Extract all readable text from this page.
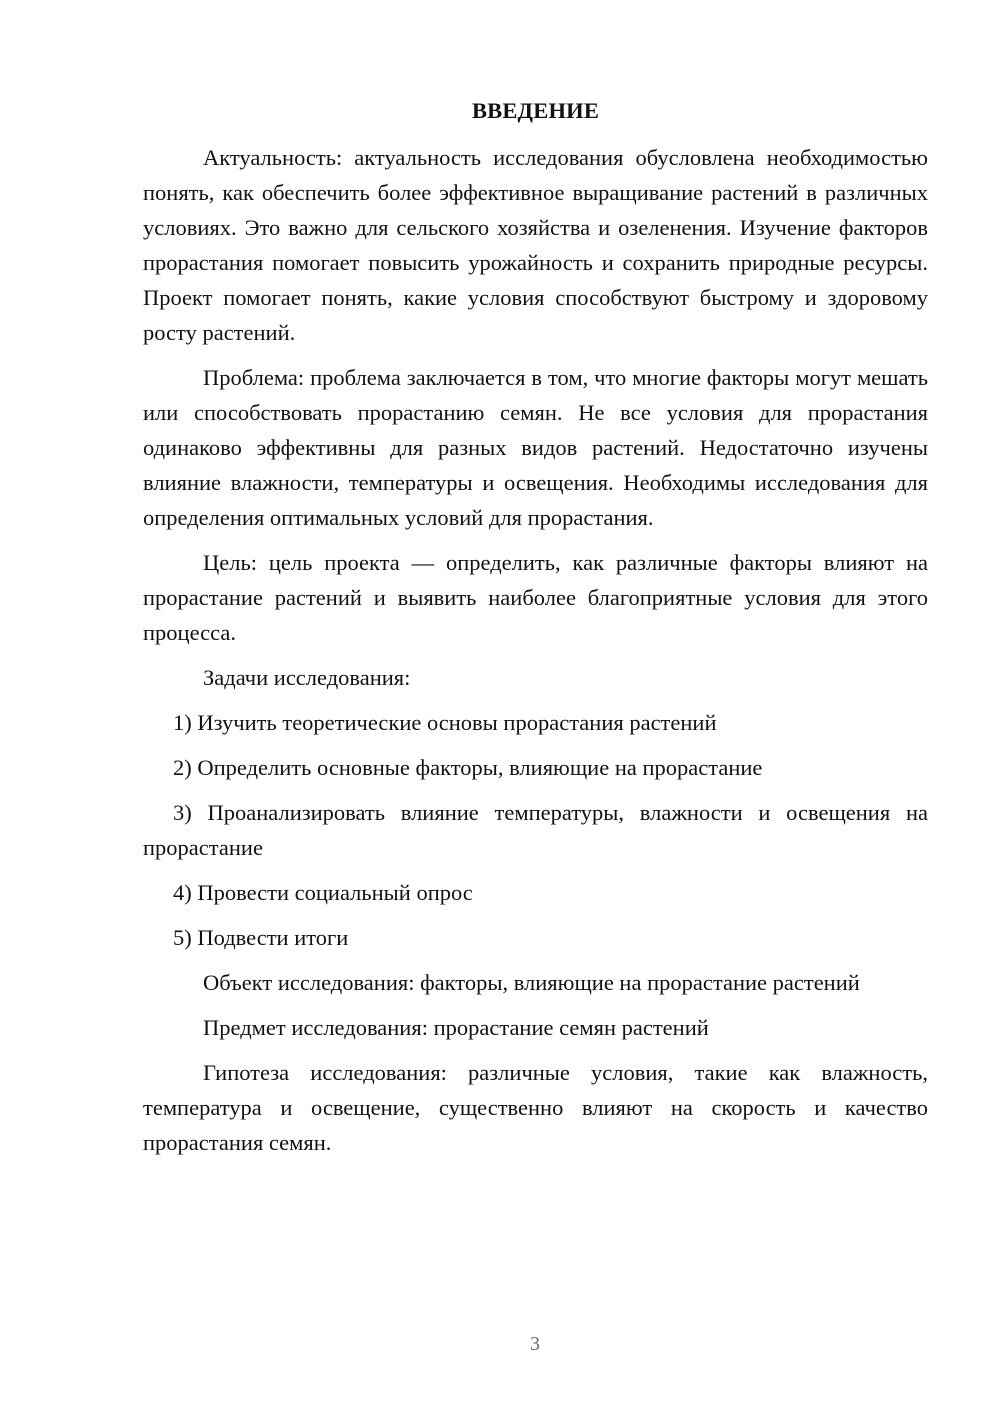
ВВЕДЕНИЕ

Актуальность: актуальность исследования обусловлена необходимостью понять, как обеспечить более эффективное выращивание растений в различных условиях. Это важно для сельского хозяйства и озеленения. Изучение факторов прорастания помогает повысить урожайность и сохранить природные ресурсы. Проект помогает понять, какие условия способствуют быстрому и здоровому росту растений.

Проблема: проблема заключается в том, что многие факторы могут мешать или способствовать прорастанию семян. Не все условия для прорастания одинаково эффективны для разных видов растений. Недостаточно изучены влияние влажности, температуры и освещения. Необходимы исследования для определения оптимальных условий для прорастания.

Цель: цель проекта — определить, как различные факторы влияют на прорастание растений и выявить наиболее благоприятные условия для этого процесса.

Задачи исследования:

1) Изучить теоретические основы прорастания растений

2) Определить основные факторы, влияющие на прорастание

3) Проанализировать влияние температуры, влажности и освещения на прорастание

4) Провести социальный опрос

5) Подвести итоги

Объект исследования: факторы, влияющие на прорастание растений

Предмет исследования: прорастание семян растений

Гипотеза исследования: различные условия, такие как влажность, температура и освещение, существенно влияют на скорость и качество прорастания семян.

3
